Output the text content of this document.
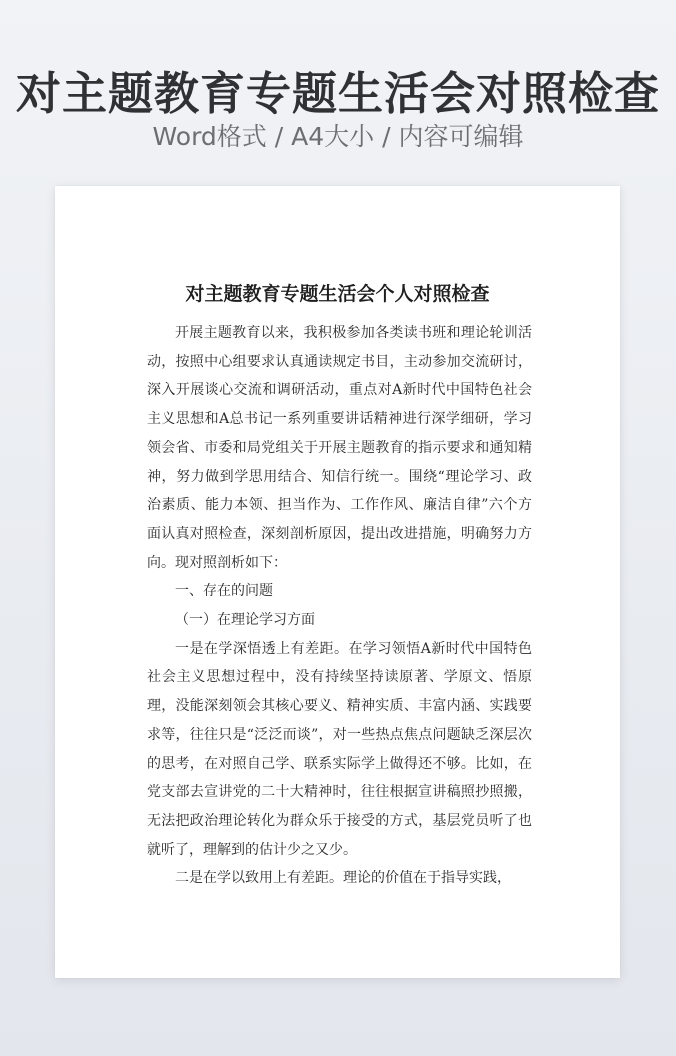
对主题教育专题生活会对照检查
Word格式 / A4大小 / 内容可编辑
对主题教育专题生活会个人对照检查

开展主题教育以来，我积极参加各类读书班和理论轮训活动，按照中心组要求认真通读规定书目，主动参加交流研讨，深入开展谈心交流和调研活动，重点对A新时代中国特色社会主义思想和A总书记一系列重要讲话精神进行深学细研，学习领会省、市委和局党组关于开展主题教育的指示要求和通知精神，努力做到学思用结合、知信行统一。围绕“理论学习、政治素质、能力本领、担当作为、工作作风、廉洁自律”六个方面认真对照检查，深刻剖析原因，提出改进措施，明确努力方向。现对照剖析如下：

一、存在的问题

（一）在理论学习方面

一是在学深悟透上有差距。在学习领悟A新时代中国特色社会主义思想过程中，没有持续坚持读原著、学原文、悟原理，没能深刻领会其核心要义、精神实质、丰富内涵、实践要求等，往往只是“泛泛而谈”，对一些热点焦点问题缺乏深层次的思考，在对照自己学、联系实际学上做得还不够。比如，在党支部去宣讲党的二十大精神时，往往根据宣讲稿照抄照搬，无法把政治理论转化为群众乐于接受的方式，基层党员听了也就听了，理解到的估计少之又少。

二是在学以致用上有差距。理论的价值在于指导实践，
